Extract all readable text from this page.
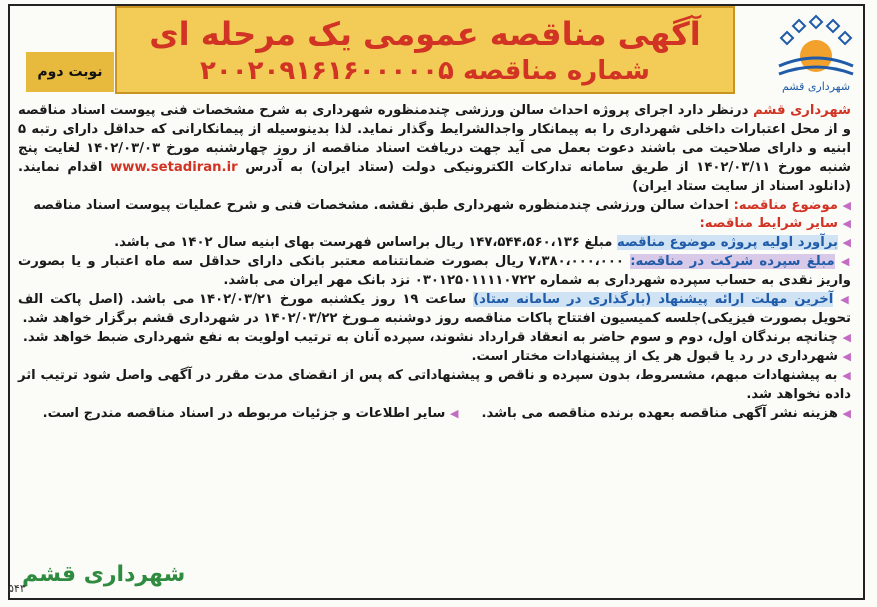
آگهی مناقصه عمومی یک مرحله ای
شماره مناقصه ۲۰۰۲۰۹۱۶۱۶۰۰۰۰۰۵
نوبت دوم
شهرداری قشم

شهرداری قشم درنظر دارد اجرای پروژه احداث سالن ورزشی چندمنظوره شهرداری به شرح مشخصات فنی پیوست اسناد مناقصه و از محل اعتبارات داخلی شهرداری را به پیمانکار واجدالشرایط وگذار نماید. لذا بدینوسیله از پیمانکارانی که حداقل دارای رتبه ۵ ابنیه و دارای صلاحیت می باشند دعوت بعمل می آید جهت دریافت اسناد مناقصه از روز چهارشنبه مورخ ۱۴۰۲/۰۳/۰۳ لغایت پنج شنبه مورخ ۱۴۰۲/۰۳/۱۱ از طریق سامانه تدارکات الکترونیکی دولت (ستاد ایران) به آدرس www.setadiran.ir اقدام نمایند. (دانلود اسناد از سایت ستاد ایران)

◀ موضوع مناقصه: احداث سالن ورزشی چندمنظوره شهرداری طبق نقشه. مشخصات فنی و شرح عملیات پیوست اسناد مناقصه

◀ سایر شرایط مناقصه:

◀ برآورد اولیه پروژه موضوع مناقصه مبلغ ۱۴۷،۵۴۴،۵۶۰،۱۳۶ ریال براساس فهرست بهای ابنیه سال ۱۴۰۲ می باشد.

◀ مبلغ سپرده شرکت در مناقصه: ۷،۳۸۰،۰۰۰،۰۰۰ ریال بصورت ضمانتنامه معتبر بانکی دارای حداقل سه ماه اعتبار و یا بصورت واریز نقدی به حساب سپرده شهرداری به شماره ۰۳۰۱۲۵۰۱۱۱۱۰۷۲۲ نزد بانک مهر ایران می باشد.

◀ آخرین مهلت ارائه پیشنهاد (بارگذاری در سامانه ستاد) ساعت ۱۹ روز یکشنبه مورخ ۱۴۰۲/۰۳/۲۱ می باشد. (اصل پاکت الف تحویل بصورت فیزیکی)جلسه کمیسیون افتتاح پاکات مناقصه روز دوشنبه مـورخ ۱۴۰۲/۰۳/۲۲ در شهرداری قشم برگزار خواهد شد.

◀ چنانچه برندگان اول، دوم و سوم حاضر به انعقاد قرارداد نشوند، سپرده آنان به ترتیب اولویت به نفع شهرداری ضبط خواهد شد.

◀ شهرداری در رد یا قبول هر یک از پیشنهادات مختار است.

◀ به پیشنهادات مبهم، مشسروط، بدون سپرده و ناقص و پیشنهاداتی که پس از انقضای مدت مقرر در آگهی واصل شود ترتیب اثر داده نخواهد شد.

◀ هزینه نشر آگهی مناقصه بعهده برنده مناقصه می باشد.     ◀ سایر اطلاعات و جزئیات مربوطه در اسناد مناقصه مندرج است.

شهرداری قشم
۵۴۳
